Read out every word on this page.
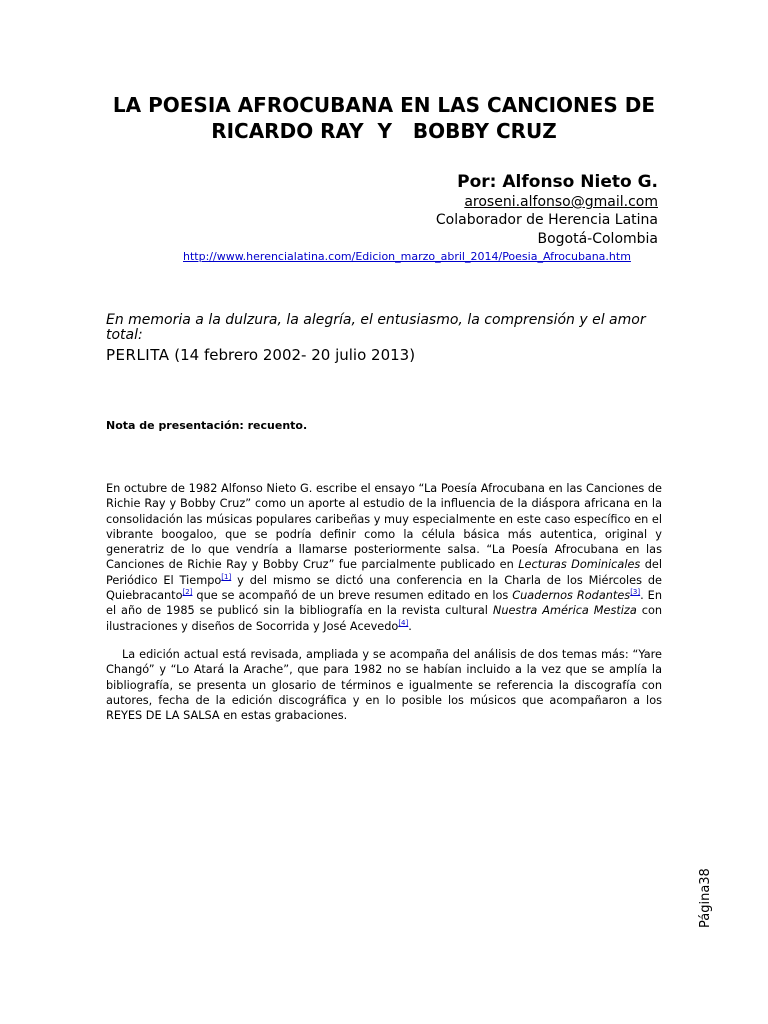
LA POESIA AFROCUBANA EN LAS CANCIONES DE
RICARDO RAY  Y   BOBBY CRUZ
Por: Alfonso Nieto G.
aroseni.alfonso@gmail.com
Colaborador de Herencia Latina
Bogotá-Colombia
http://www.herencialatina.com/Edicion_marzo_abril_2014/Poesia_Afrocubana.htm
En memoria a la dulzura, la alegría, el entusiasmo, la comprensión y el amor total:
PERLITA (14 febrero 2002- 20 julio 2013)
Nota de presentación: recuento.
En octubre de 1982 Alfonso Nieto G. escribe el ensayo “La Poesía Afrocubana en las Canciones de Richie Ray y Bobby Cruz” como un aporte al estudio de la influencia de la diáspora africana en la consolidación las músicas populares caribeñas y muy especialmente en este caso específico en el vibrante boogaloo, que se podría definir como la célula básica más autentica, original y generatriz de lo que vendría a llamarse posteriormente salsa. “La Poesía Afrocubana en las Canciones de Richie Ray y Bobby Cruz” fue parcialmente publicado en Lecturas Dominicales del Periódico El Tiempo[1] y del mismo se dictó una conferencia en la Charla de los Miércoles de Quiebracanto[2] que se acompañó de un breve resumen editado en los Cuadernos Rodantes[3]. En el año de 1985 se publicó sin la bibliografía en la revista cultural Nuestra América Mestiza con ilustraciones y diseños de Socorrida y José Acevedo[4].
La edición actual está revisada, ampliada y se acompaña del análisis de dos temas más: “Yare Changó” y “Lo Atará la Arache”, que para 1982 no se habían incluido a la vez que se amplía la bibliografía, se presenta un glosario de términos e igualmente se referencia la discografía con autores, fecha de la edición discográfica y en lo posible los músicos que acompañaron a los REYES DE LA SALSA en estas grabaciones.
Página38
